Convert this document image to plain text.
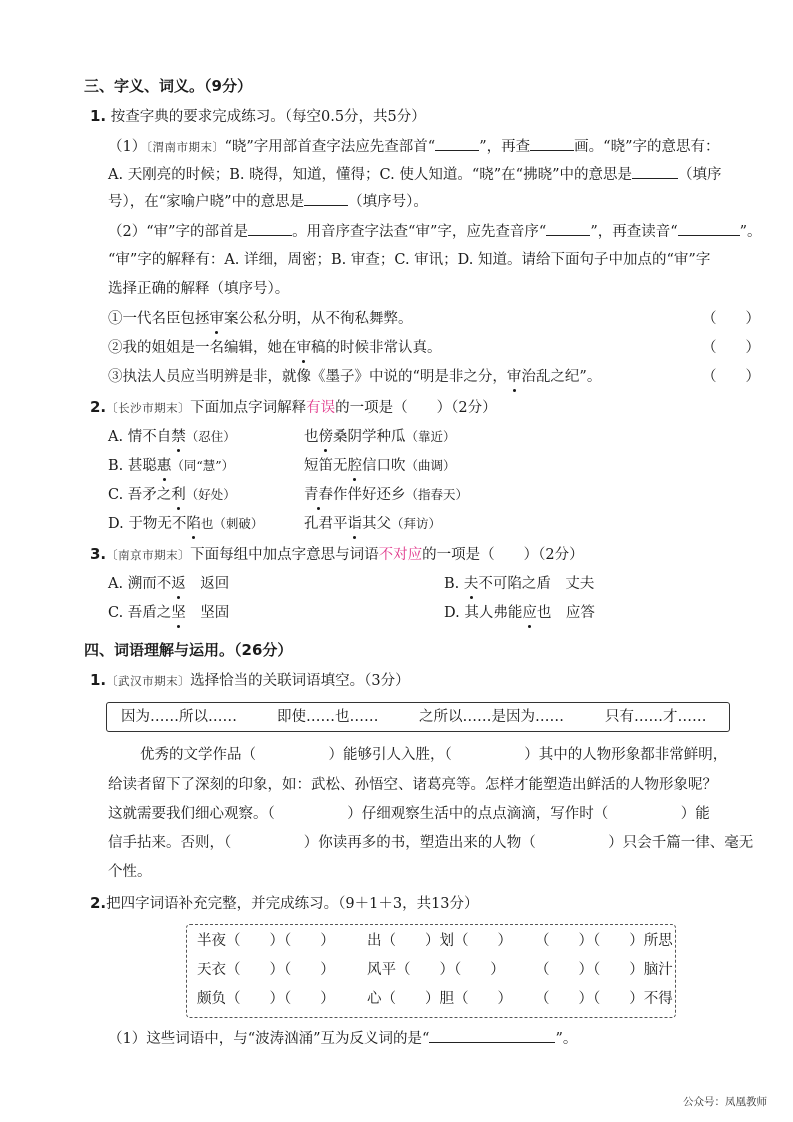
三、字义、词义。（9分）
1. 按查字典的要求完成练习。（每空0.5分，共5分）
（1）〔渭南市期末〕“晓”字用部首查字法应先查部首“	”，再查	画。“晓”字的意思有：
A. 天刚亮的时候；B. 晓得，知道，懂得；C. 使人知道。“晓”在“拂晓”中的意思是	（填序
号），在“家喻户晓”中的意思是	（填序号）。
（2）“审”字的部首是	。用音序查字法查“审”字，应先查音序“	”，再查读音“	”。
“审”字的解释有：A. 详细，周密；B. 审查；C. 审讯；D. 知道。请给下面句子中加点的“审”字
选择正确的解释（填序号）。
①一代名臣包拯审案公私分明，从不徇私舞弊。	（　　）
②我的姐姐是一名编辑，她在审稿的时候非常认真。	（　　）
③执法人员应当明辨是非，就像《墨子》中说的“明是非之分，审治乱之纪”。	（　　）
2.〔长沙市期末〕下面加点字词解释有误的一项是（　　）（2分）
A. 情不自禁（忍住）	也傍桑阴学种瓜（靠近）
B. 甚聪惠（同“慧”）	短笛无腔信口吹（曲调）
C. 吾矛之利（好处）	青春作伴好还乡（指春天）
D. 于物无不陷也（刺破）	孔君平诣其父（拜访）
3.〔南京市期末〕下面每组中加点字意思与词语不对应的一项是（　　）（2分）
A. 溯而不返　返回	B. 夫不可陷之盾　丈夫
C. 吾盾之坚　坚固	D. 其人弗能应也　应答
四、词语理解与运用。（26分）
1.〔武汉市期末〕选择恰当的关联词语填空。（3分）
因为……所以……	即使……也……	之所以……是因为……	只有……才……
优秀的文学作品（　　　　　）能够引人入胜，（　　　　　）其中的人物形象都非常鲜明，
给读者留下了深刻的印象，如：武松、孙悟空、诸葛亮等。怎样才能塑造出鲜活的人物形象呢？
这就需要我们细心观察。（　　　　　）仔细观察生活中的点点滴滴，写作时（　　　　　）能
信手拈来。否则，（　　　　　）你读再多的书，塑造出来的人物（　　　　　）只会千篇一律、毫无
个性。
2.把四字词语补充完整，并完成练习。（9＋1＋3，共13分）
半夜（　　）（　　） 出（　　）划（　　） （　　）（　　）所思
天衣（　　）（　　） 风平（　　）（　　） （　　）（　　）脑汁
颇负（　　）（　　） 心（　　）胆（　　） （　　）（　　）不得
（1）这些词语中，与“波涛汹涌”互为反义词的是“	”。
公众号：凤凰教师
